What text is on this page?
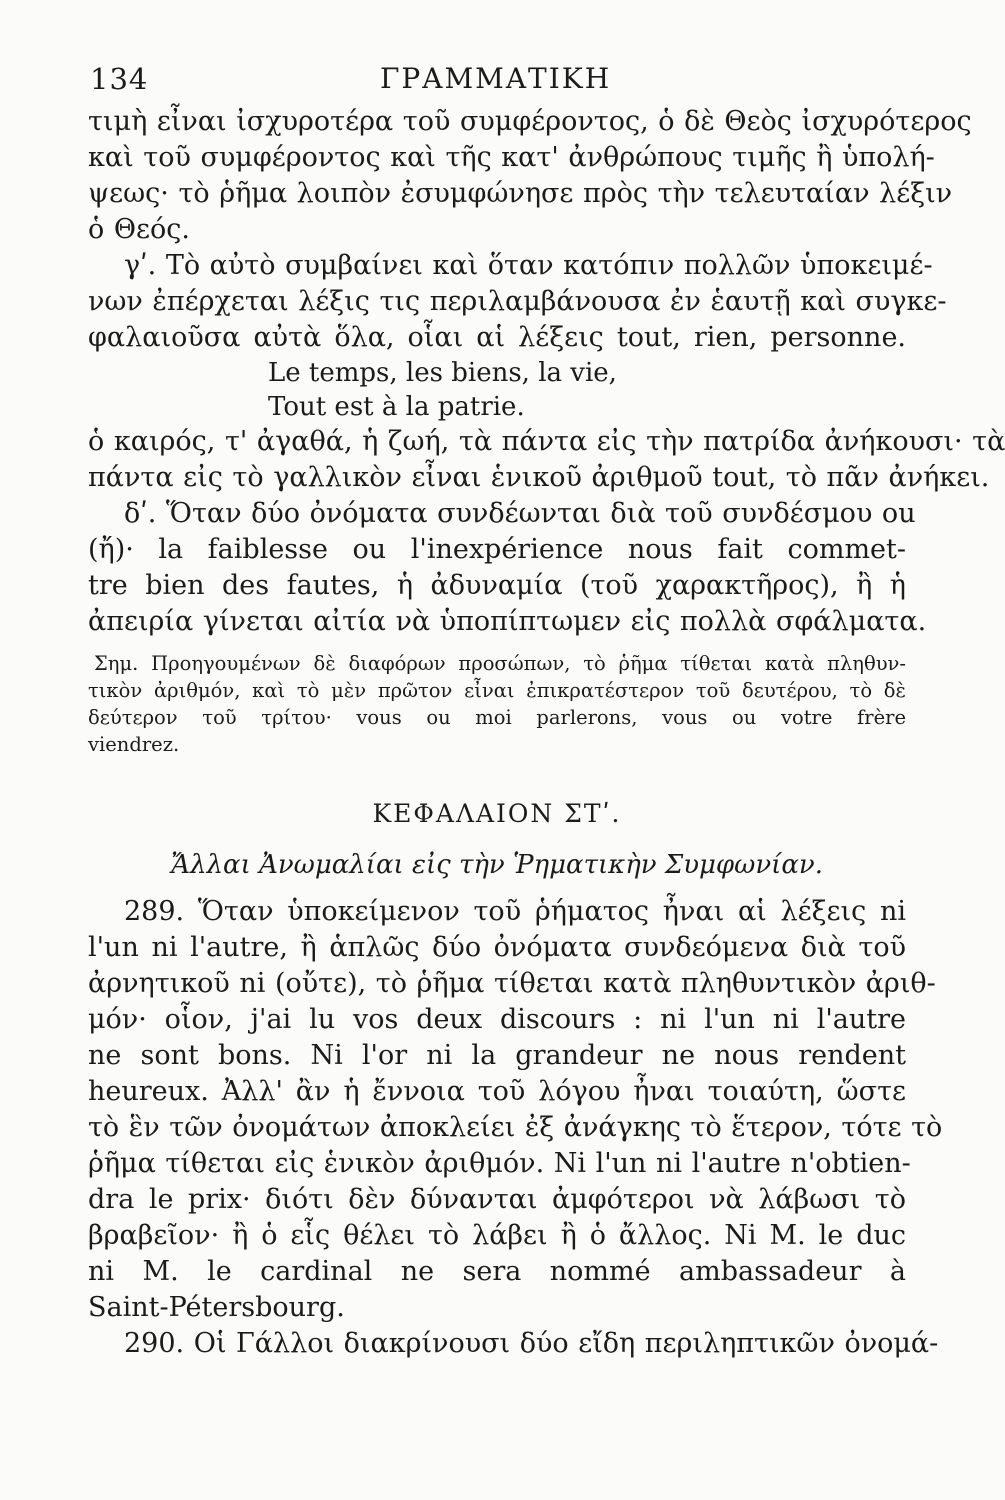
134	ΓΡΑΜΜΑΤΙΚΗ
τιμὴ εἶναι ἰσχυροτέρα τοῦ συμφέροντος, ὁ δὲ Θεὸς ἰσχυρότερος
καὶ τοῦ συμφέροντος καὶ τῆς κατ' ἀνθρώπους τιμῆς ἢ ὑπολή-
ψεως· τὸ ῥῆμα λοιπὸν ἐσυμφώνησε πρὸς τὴν τελευταίαν λέξιν
ὁ Θεός.
γʹ. Τὸ αὐτὸ συμβαίνει καὶ ὅταν κατόπιν πολλῶν ὑποκειμέ-
νων ἐπέρχεται λέξις τις περιλαμβάνουσα ἐν ἑαυτῇ καὶ συγκε-
φαλαιοῦσα αὐτὰ ὅλα, οἷαι αἱ λέξεις tout, rien, personne.
Le temps, les biens, la vie,
Tout est à la patrie.
ὁ καιρός, τ' ἀγαθά, ἡ ζωή, τὰ πάντα εἰς τὴν πατρίδα ἀνήκουσι· τὰ
πάντα εἰς τὸ γαλλικὸν εἶναι ἑνικοῦ ἀριθμοῦ tout, τὸ πᾶν ἀνήκει.
δʹ. Ὅταν δύο ὀνόματα συνδέωνται διὰ τοῦ συνδέσμου ou
(ἤ)· la faiblesse ou l'inexpérience nous fait commet-
tre bien des fautes, ἡ ἀδυναμία (τοῦ χαρακτῆρος), ἢ ἡ
ἀπειρία γίνεται αἰτία νὰ ὑποπίπτωμεν εἰς πολλὰ σφάλματα.
Σημ. Προηγουμένων δὲ διαφόρων προσώπων, τὸ ῥῆμα τίθεται κατὰ πληθυν-
τικὸν ἀριθμόν, καὶ τὸ μὲν πρῶτον εἶναι ἐπικρατέστερον τοῦ δευτέρου, τὸ δὲ
δεύτερον τοῦ τρίτου· vous ou moi parlerons, vous ou votre frère
viendrez.
ΚΕΦΑΛΑΙΟΝ ΣΤʹ.
Ἄλλαι Ἀνωμαλίαι εἰς τὴν Ῥηματικὴν Συμφωνίαν.
289. Ὅταν ὑποκείμενον τοῦ ῥήματος ἦναι αἱ λέξεις ni
l'un ni l'autre, ἢ ἁπλῶς δύο ὀνόματα συνδεόμενα διὰ τοῦ
ἀρνητικοῦ ni (οὔτε), τὸ ῥῆμα τίθεται κατὰ πληθυντικὸν ἀριθ-
μόν· οἷον, j'ai lu vos deux discours : ni l'un ni l'autre
ne sont bons. Ni l'or ni la grandeur ne nous rendent
heureux. Ἀλλ' ἂν ἡ ἔννοια τοῦ λόγου ἦναι τοιαύτη, ὥστε
τὸ ἓν τῶν ὀνομάτων ἀποκλείει ἐξ ἀνάγκης τὸ ἕτερον, τότε τὸ
ῥῆμα τίθεται εἰς ἑνικὸν ἀριθμόν. Ni l'un ni l'autre n'obtien-
dra le prix· διότι δὲν δύνανται ἀμφότεροι νὰ λάβωσι τὸ
βραβεῖον· ἢ ὁ εἷς θέλει τὸ λάβει ἢ ὁ ἄλλος. Ni M. le duc
ni M. le cardinal ne sera nommé ambassadeur à
Saint-Pétersbourg.
290. Οἱ Γάλλοι διακρίνουσι δύο εἴδη περιληπτικῶν ὀνομά-
